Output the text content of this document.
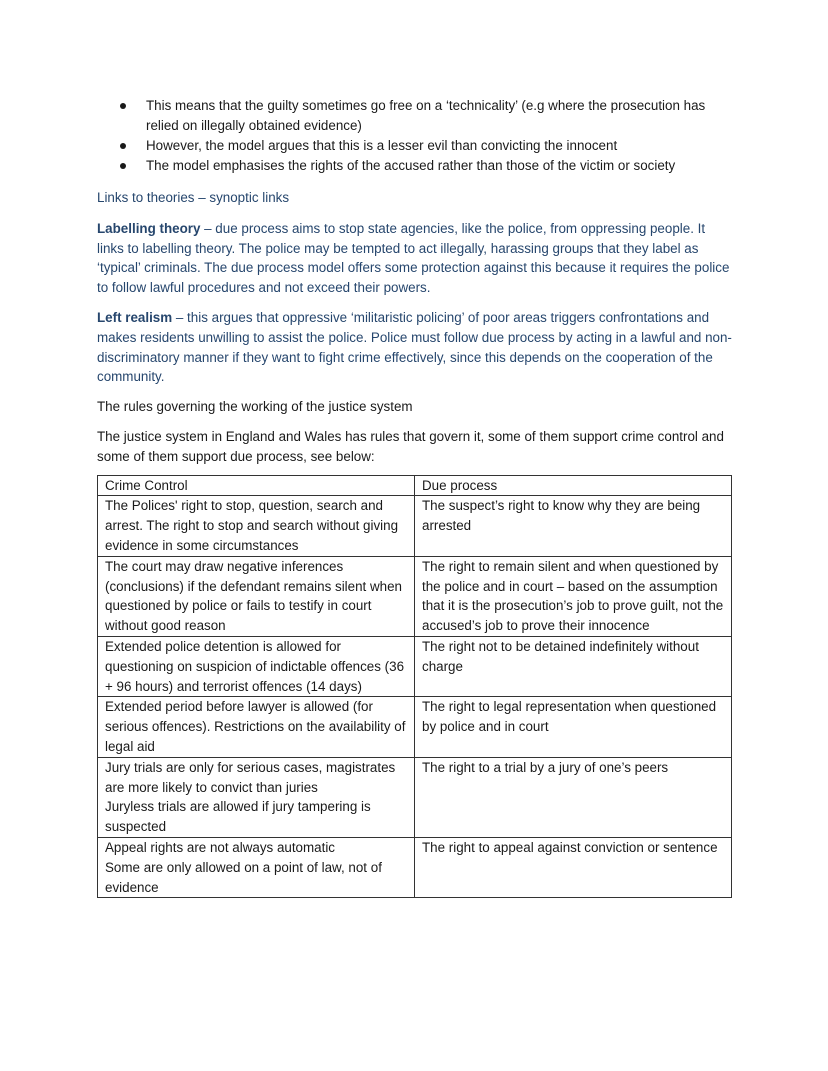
This means that the guilty sometimes go free on a ‘technicality’ (e.g where the prosecution has relied on illegally obtained evidence)
However, the model argues that this is a lesser evil than convicting the innocent
The model emphasises the rights of the accused rather than those of the victim or society

Links to theories – synoptic links

Labelling theory – due process aims to stop state agencies, like the police, from oppressing people. It links to labelling theory. The police may be tempted to act illegally, harassing groups that they label as ‘typical’ criminals. The due process model offers some protection against this because it requires the police to follow lawful procedures and not exceed their powers.

Left realism – this argues that oppressive ‘militaristic policing’ of poor areas triggers confrontations and makes residents unwilling to assist the police. Police must follow due process by acting in a lawful and non-discriminatory manner if they want to fight crime effectively, since this depends on the cooperation of the community.

The rules governing the working of the justice system

The justice system in England and Wales has rules that govern it, some of them support crime control and some of them support due process, see below:

Crime Control	Due process

The Polices' right to stop, question, search and arrest. The right to stop and search without giving evidence in some circumstances	The suspect’s right to know why they are being arrested

The court may draw negative inferences (conclusions) if the defendant remains silent when questioned by police or fails to testify in court without good reason	The right to remain silent and when questioned by the police and in court – based on the assumption that it is the prosecution’s job to prove guilt, not the accused’s job to prove their innocence

Extended police detention is allowed for questioning on suspicion of indictable offences (36 + 96 hours) and terrorist offences (14 days)	The right not to be detained indefinitely without charge

Extended period before lawyer is allowed (for serious offences). Restrictions on the availability of legal aid	The right to legal representation when questioned by police and in court

Jury trials are only for serious cases, magistrates are more likely to convict than juries
Juryless trials are allowed if jury tampering is suspected	The right to a trial by a jury of one’s peers

Appeal rights are not always automatic
Some are only allowed on a point of law, not of evidence	The right to appeal against conviction or sentence
